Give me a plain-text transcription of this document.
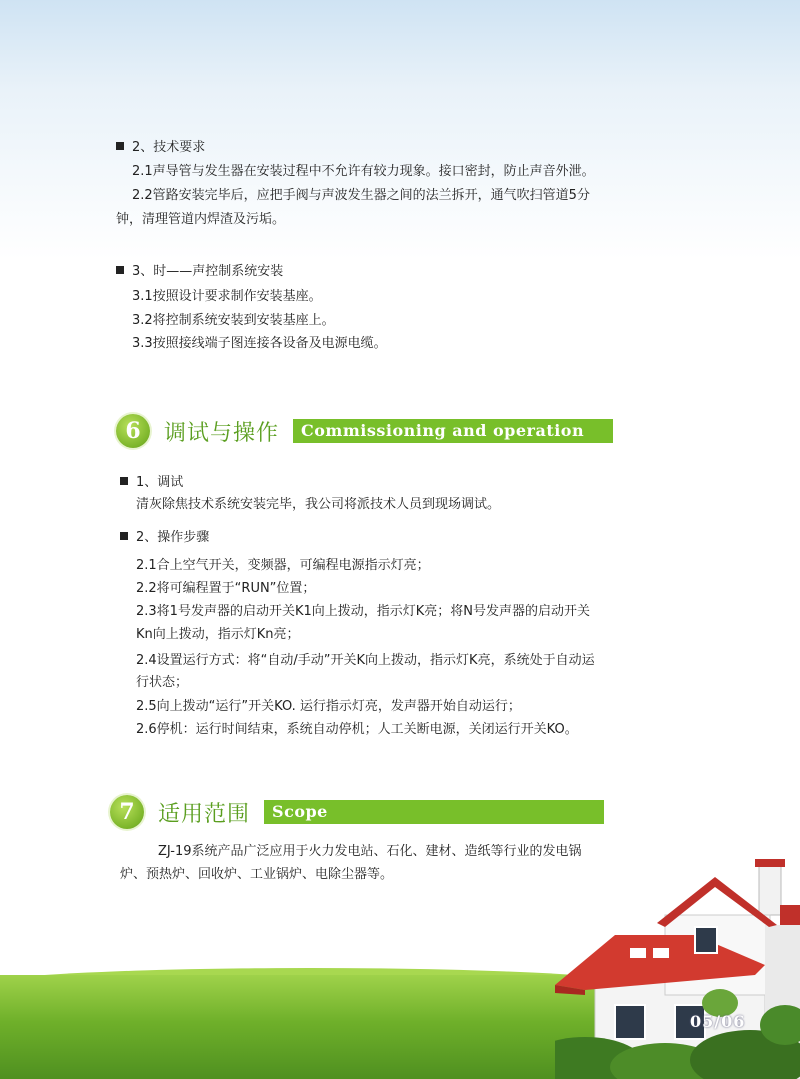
2、技术要求
2.1声导管与发生器在安装过程中不允许有较力现象。接口密封，防止声音外泄。
2.2管路安装完毕后，应把手阀与声波发生器之间的法兰拆开，通气吹扫管道5分
钟，清理管道内焊渣及污垢。
3、时——声控制系统安装
3.1按照设计要求制作安装基座。
3.2将控制系统安装到安装基座上。
3.3按照接线端子图连接各设备及电源电缆。
6	调试与操作	Commissioning and operation
1、调试
清灰除焦技术系统安装完毕，我公司将派技术人员到现场调试。
2、操作步骤
2.1合上空气开关，变频器，可编程电源指示灯亮；
2.2将可编程置于“RUN”位置；
2.3将1号发声器的启动开关K1向上拨动，指示灯K亮；将N号发声器的启动开关
Kn向上拨动，指示灯Kn亮；
2.4设置运行方式：将“自动/手动”开关K向上拨动，指示灯K亮，系统处于自动运
行状态；
2.5向上拨动“运行”开关KO. 运行指示灯亮，发声器开始自动运行；
2.6停机：运行时间结束，系统自动停机；人工关断电源，关闭运行开关KO。
7	适用范围	Scope
ZJ-19系统产品广泛应用于火力发电站、石化、建材、造纸等行业的发电锅
炉、预热炉、回收炉、工业锅炉、电除尘器等。
05/06
